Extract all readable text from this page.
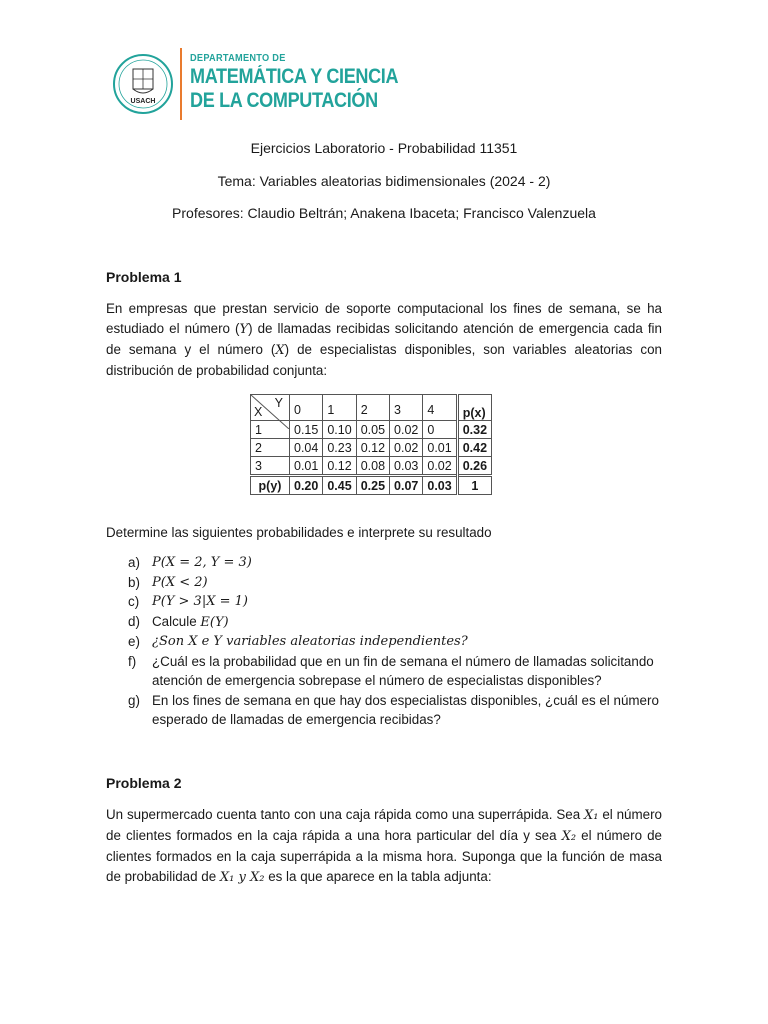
USACH
DEPARTAMENTO DE
MATEMÁTICA Y CIENCIA
DE LA COMPUTACIÓN
Ejercicios Laboratorio - Probabilidad 11351
Tema: Variables aleatorias bidimensionales (2024 - 2)
Profesores: Claudio Beltrán; Anakena Ibaceta; Francisco Valenzuela
Problema 1
En empresas que prestan servicio de soporte computacional los fines de semana, se ha estudiado el número (Y) de llamadas recibidas solicitando atención de emergencia cada fin de semana y el número (X) de especialistas disponibles, son variables aleatorias con distribución de probabilidad conjunta:
Y
X	0	1	2	3	4	p(x)
1	0.15	0.10	0.05	0.02	0	0.32
2	0.04	0.23	0.12	0.02	0.01	0.42
3	0.01	0.12	0.08	0.03	0.02	0.26
p(y)	0.20	0.45	0.25	0.07	0.03	1
Determine las siguientes probabilidades e interprete su resultado
a) P(X = 2, Y = 3)
b) P(X < 2)
c) P(Y > 3|X = 1)
d) Calcule E(Y)
e) ¿Son X e Y variables aleatorias independientes?
f) ¿Cuál es la probabilidad que en un fin de semana el número de llamadas solicitando atención de emergencia sobrepase el número de especialistas disponibles?
g) En los fines de semana en que hay dos especialistas disponibles, ¿cuál es el número esperado de llamadas de emergencia recibidas?
Problema 2
Un supermercado cuenta tanto con una caja rápida como una superrápida. Sea X₁ el número de clientes formados en la caja rápida a una hora particular del día y sea X₂ el número de clientes formados en la caja superrápida a la misma hora. Suponga que la función de masa de probabilidad de X₁ y X₂ es la que aparece en la tabla adjunta:
